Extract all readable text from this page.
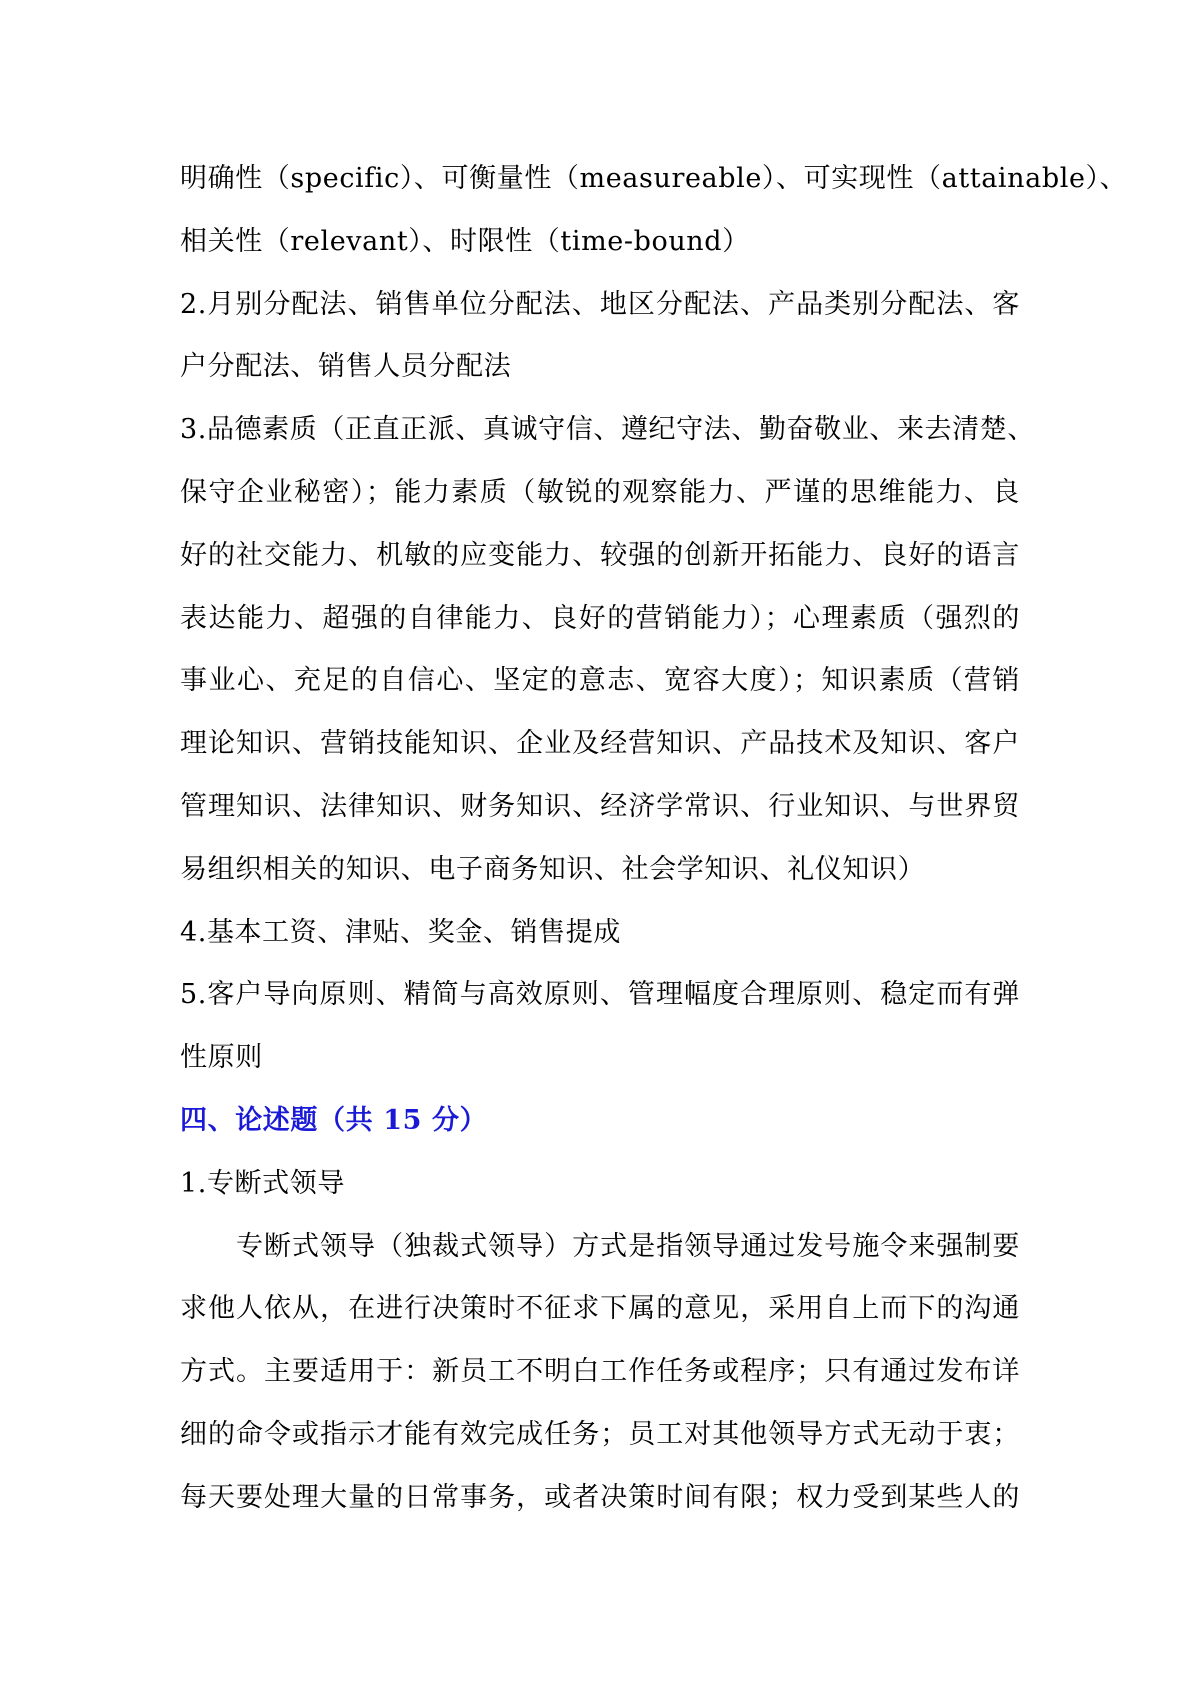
明确性（specific）、可衡量性（measureable）、可实现性（attainable）、
相关性（relevant）、时限性（time-bound）
2.月别分配法、销售单位分配法、地区分配法、产品类别分配法、客
户分配法、销售人员分配法
3.品德素质（正直正派、真诚守信、遵纪守法、勤奋敬业、来去清楚、
保守企业秘密）；能力素质（敏锐的观察能力、严谨的思维能力、良
好的社交能力、机敏的应变能力、较强的创新开拓能力、良好的语言
表达能力、超强的自律能力、良好的营销能力）；心理素质（强烈的
事业心、充足的自信心、坚定的意志、宽容大度）；知识素质（营销
理论知识、营销技能知识、企业及经营知识、产品技术及知识、客户
管理知识、法律知识、财务知识、经济学常识、行业知识、与世界贸
易组织相关的知识、电子商务知识、社会学知识、礼仪知识）
4.基本工资、津贴、奖金、销售提成
5.客户导向原则、精简与高效原则、管理幅度合理原则、稳定而有弹
性原则
四、论述题（共 15 分）
1.专断式领导
专断式领导（独裁式领导）方式是指领导通过发号施令来强制要
求他人依从，在进行决策时不征求下属的意见，采用自上而下的沟通
方式。主要适用于：新员工不明白工作任务或程序；只有通过发布详
细的命令或指示才能有效完成任务；员工对其他领导方式无动于衷；
每天要处理大量的日常事务，或者决策时间有限；权力受到某些人的
